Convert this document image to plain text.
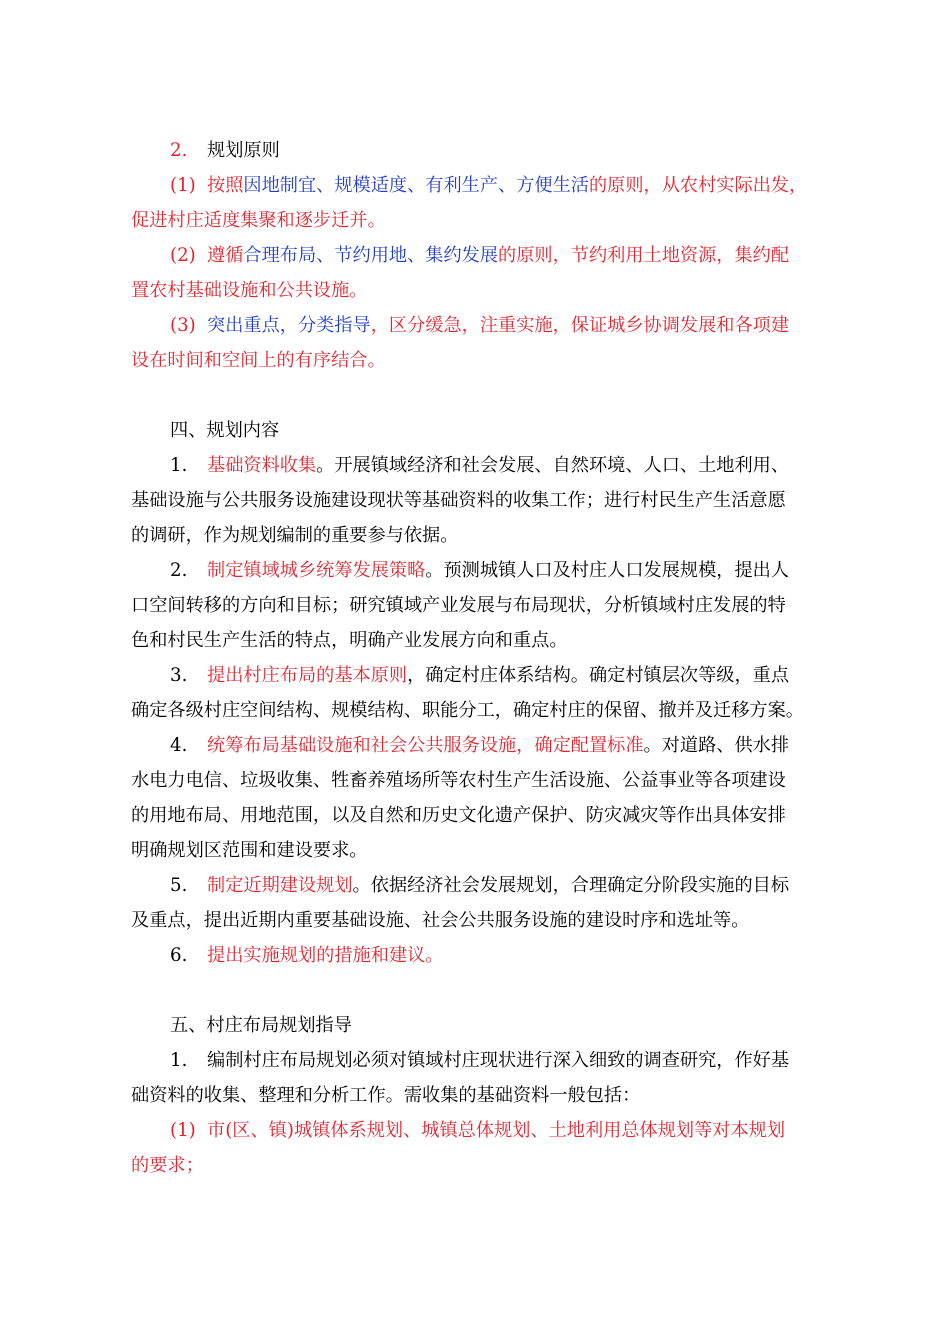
2. 规划原则
(1) 按照因地制宜、规模适度、有利生产、方便生活的原则，从农村实际出发，
促进村庄适度集聚和逐步迁并。
(2) 遵循合理布局、节约用地、集约发展的原则，节约利用土地资源，集约配
置农村基础设施和公共设施。
(3) 突出重点，分类指导，区分缓急，注重实施，保证城乡协调发展和各项建
设在时间和空间上的有序结合。
四、规划内容
1. 基础资料收集。开展镇域经济和社会发展、自然环境、人口、土地利用、
基础设施与公共服务设施建设现状等基础资料的收集工作；进行村民生产生活意愿
的调研，作为规划编制的重要参与依据。
2. 制定镇域城乡统筹发展策略。预测城镇人口及村庄人口发展规模，提出人
口空间转移的方向和目标；研究镇域产业发展与布局现状，分析镇域村庄发展的特
色和村民生产生活的特点，明确产业发展方向和重点。
3. 提出村庄布局的基本原则，确定村庄体系结构。确定村镇层次等级，重点
确定各级村庄空间结构、规模结构、职能分工，确定村庄的保留、撤并及迁移方案。
4. 统筹布局基础设施和社会公共服务设施，确定配置标准。对道路、供水排
水电力电信、垃圾收集、牲畜养殖场所等农村生产生活设施、公益事业等各项建设
的用地布局、用地范围，以及自然和历史文化遗产保护、防灾减灾等作出具体安排
明确规划区范围和建设要求。
5. 制定近期建设规划。依据经济社会发展规划，合理确定分阶段实施的目标
及重点，提出近期内重要基础设施、社会公共服务设施的建设时序和选址等。
6. 提出实施规划的措施和建议。
五、村庄布局规划指导
1. 编制村庄布局规划必须对镇域村庄现状进行深入细致的调查研究，作好基
础资料的收集、整理和分析工作。需收集的基础资料一般包括：
(1) 市(区、镇)城镇体系规划、城镇总体规划、土地利用总体规划等对本规划
的要求；
